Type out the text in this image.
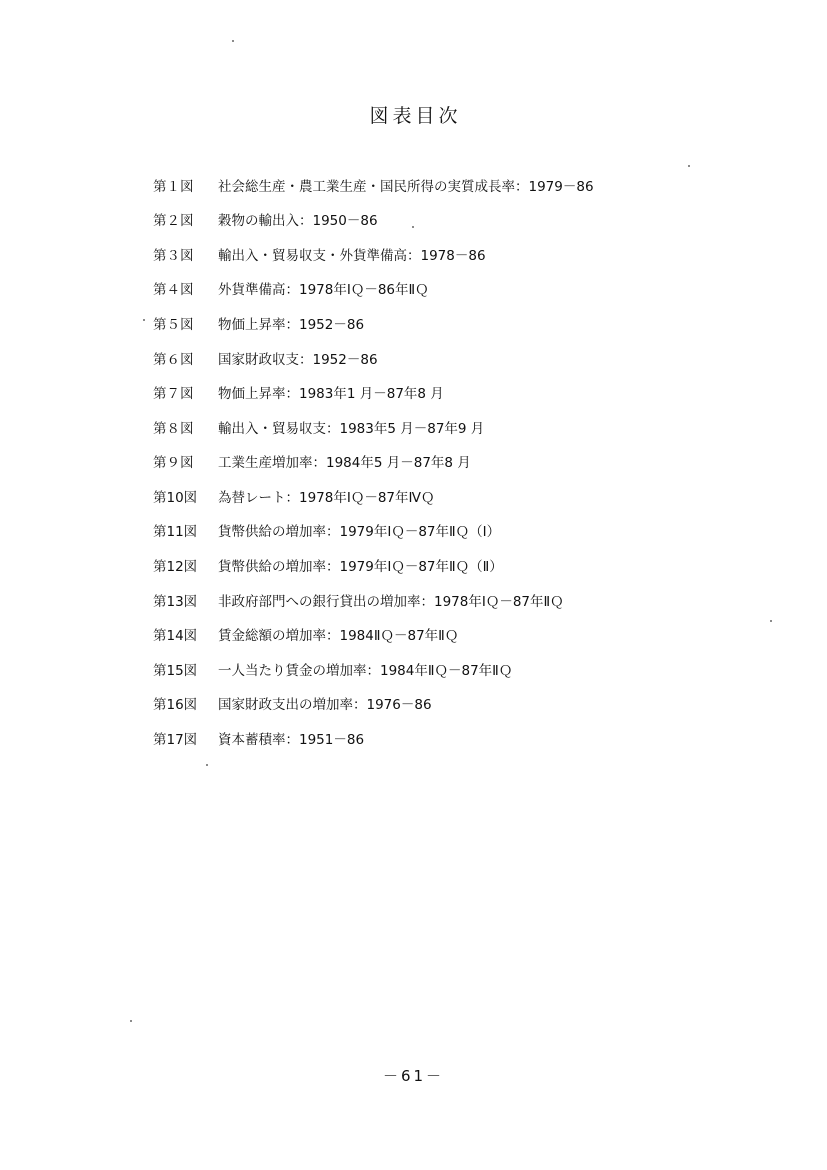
図表目次
第１図	社会総生産・農工業生産・国民所得の実質成長率：1979－86
第２図	穀物の輸出入：1950－86
第３図	輸出入・貿易収支・外貨準備高：1978－86
第４図	外貨準備高：1978年ⅠＱ－86年ⅡＱ
第５図	物価上昇率：1952－86
第６図	国家財政収支：1952－86
第７図	物価上昇率：1983年1 月－87年8 月
第８図	輸出入・貿易収支：1983年5 月－87年9 月
第９図	工業生産増加率：1984年5 月－87年8 月
第10図	為替レート：1978年ⅠＱ－87年ⅣＱ
第11図	貨幣供給の増加率：1979年ⅠＱ－87年ⅡＱ（Ⅰ）
第12図	貨幣供給の増加率：1979年ⅠＱ－87年ⅡＱ（Ⅱ）
第13図	非政府部門への銀行貸出の増加率：1978年ⅠＱ－87年ⅡＱ
第14図	賃金総額の増加率：1984ⅡＱ－87年ⅡＱ
第15図	一人当たり賃金の増加率：1984年ⅡＱ－87年ⅡＱ
第16図	国家財政支出の増加率：1976－86
第17図	資本蓄積率：1951－86
－61－
